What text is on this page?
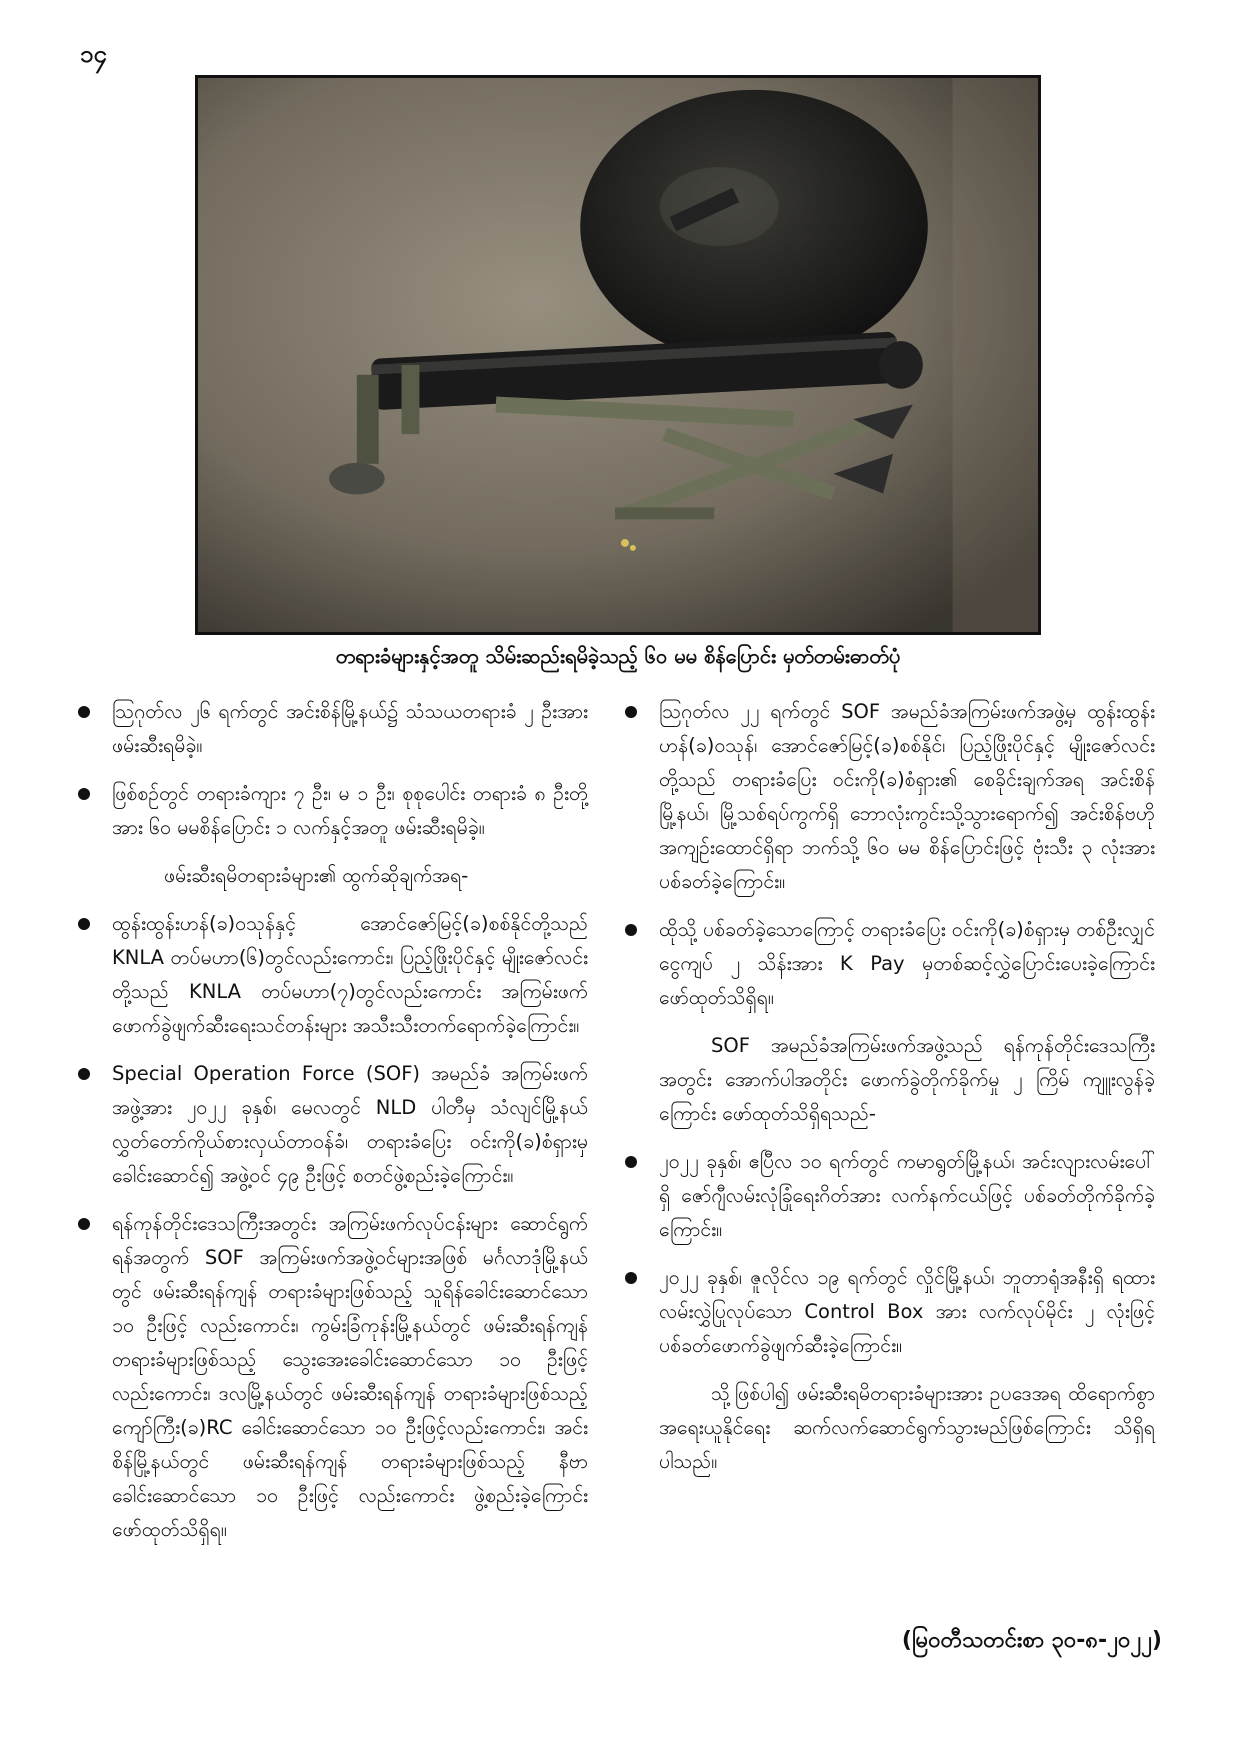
၁၄
တရားခံများနှင့်အတူ သိမ်းဆည်းရမိခဲ့သည့် ၆၀ မမ စိန်ပြောင်း မှတ်တမ်းဓာတ်ပုံ
ဩဂုတ်လ ၂၆ ရက်တွင် အင်းစိန်မြို့နယ်၌ သံသယတရားခံ ၂ ဦးအား ဖမ်းဆီးရမိခဲ့။
ဖြစ်စဉ်တွင် တရားခံကျား ၇ ဦး၊ မ ၁ ဦး၊ စုစုပေါင်း တရားခံ ၈ ဦးတို့အား ၆၀ မမစိန်ပြောင်း ၁ လက်နှင့်အတူ ဖမ်းဆီးရမိခဲ့။

ဖမ်းဆီးရမိတရားခံများ၏ ထွက်ဆိုချက်အရ-

ထွန်းထွန်းဟန်(ခ)ဝသုန်နှင့် အောင်ဇော်မြင့်(ခ)စစ်နိုင်တို့သည် KNLA တပ်မဟာ(၆)တွင်လည်းကောင်း၊ ပြည့်ဖြိုးပိုင်နှင့် မျိုးဇော်လင်းတို့သည် KNLA တပ်မဟာ(၇)တွင်လည်းကောင်း အကြမ်းဖက်ဖောက်ခွဲဖျက်ဆီးရေးသင်တန်းများ အသီးသီးတက်ရောက်ခဲ့ကြောင်း။
Special Operation Force (SOF) အမည်ခံ အကြမ်းဖက်အဖွဲ့အား ၂၀၂၂ ခုနှစ်၊ မေလတွင် NLD ပါတီမှ သံလျင်မြို့နယ် လွှတ်တော်ကိုယ်စားလှယ်တာဝန်ခံ၊ တရားခံပြေး ဝင်းကို(ခ)စံရှားမှ ခေါင်းဆောင်၍ အဖွဲ့ဝင် ၄၉ ဦးဖြင့် စတင်ဖွဲ့စည်းခဲ့ကြောင်း။
ရန်ကုန်တိုင်းဒေသကြီးအတွင်း အကြမ်းဖက်လုပ်ငန်းများ ဆောင်ရွက်ရန်အတွက် SOF အကြမ်းဖက်အဖွဲ့ဝင်များအဖြစ် မင်္ဂလာဒုံမြို့နယ်တွင် ဖမ်းဆီးရန်ကျန် တရားခံများဖြစ်သည့် သူရိန်ခေါင်းဆောင်သော ၁၀ ဦးဖြင့် လည်းကောင်း၊ ကွမ်းခြံကုန်းမြို့နယ်တွင် ဖမ်းဆီးရန်ကျန် တရားခံများဖြစ်သည့် သွေးအေးခေါင်းဆောင်သော ၁၀ ဦးဖြင့် လည်းကောင်း၊ ဒလမြို့နယ်တွင် ဖမ်းဆီးရန်ကျန် တရားခံများဖြစ်သည့် ကျော်ကြီး(ခ)RC ခေါင်းဆောင်သော ၁၀ ဦးဖြင့်လည်းကောင်း၊ အင်းစိန်မြို့နယ်တွင် ဖမ်းဆီးရန်ကျန် တရားခံများဖြစ်သည့် နီဗာခေါင်းဆောင်သော ၁၀ ဦးဖြင့် လည်းကောင်း ဖွဲ့စည်းခဲ့ကြောင်း ဖော်ထုတ်သိရှိရ။
ဩဂုတ်လ ၂၂ ရက်တွင် SOF အမည်ခံအကြမ်းဖက်အဖွဲ့မှ ထွန်းထွန်းဟန်(ခ)ဝသုန်၊ အောင်ဇော်မြင့်(ခ)စစ်နိုင်၊ ပြည့်ဖြိုးပိုင်နှင့် မျိုးဇော်လင်းတို့သည် တရားခံပြေး ဝင်းကို(ခ)စံရှား၏ စေခိုင်းချက်အရ အင်းစိန်မြို့နယ်၊ မြို့သစ်ရပ်ကွက်ရှိ ဘောလုံးကွင်းသို့သွားရောက်၍ အင်းစိန်ဗဟိုအကျဉ်းထောင်ရှိရာ ဘက်သို့ ၆၀ မမ စိန်ပြောင်းဖြင့် ဗုံးသီး ၃ လုံးအား ပစ်ခတ်ခဲ့ကြောင်း။
ထိုသို့ ပစ်ခတ်ခဲ့သောကြောင့် တရားခံပြေး ဝင်းကို(ခ)စံရှားမှ တစ်ဦးလျှင် ငွေကျပ် ၂ သိန်းအား K Pay မှတစ်ဆင့်လွှဲပြောင်းပေးခဲ့ကြောင်း ဖော်ထုတ်သိရှိရ။

SOF အမည်ခံအကြမ်းဖက်အဖွဲ့သည် ရန်ကုန်တိုင်းဒေသကြီးအတွင်း အောက်ပါအတိုင်း ဖောက်ခွဲတိုက်ခိုက်မှု ၂ ကြိမ် ကျူးလွန်ခဲ့ကြောင်း ဖော်ထုတ်သိရှိရသည်-

၂၀၂၂ ခုနှစ်၊ ဧပြီလ ၁၀ ရက်တွင် ကမာရွတ်မြို့နယ်၊ အင်းလျားလမ်းပေါ်ရှိ ဇော်ဂျီလမ်းလုံခြုံရေးဂိတ်အား လက်နက်ငယ်ဖြင့် ပစ်ခတ်တိုက်ခိုက်ခဲ့ကြောင်း။
၂၀၂၂ ခုနှစ်၊ ဇူလိုင်လ ၁၉ ရက်တွင် လှိုင်မြို့နယ်၊ ဘူတာရုံအနီးရှိ ရထားလမ်းလွှဲပြုလုပ်သော Control Box အား လက်လုပ်မိုင်း ၂ လုံးဖြင့် ပစ်ခတ်ဖောက်ခွဲဖျက်ဆီးခဲ့ကြောင်း။

သို့ဖြစ်ပါ၍ ဖမ်းဆီးရမိတရားခံများအား ဥပဒေအရ ထိရောက်စွာ အရေးယူနိုင်ရေး ဆက်လက်ဆောင်ရွက်သွားမည်ဖြစ်ကြောင်း သိရှိရပါသည်။

(မြဝတီသတင်းစာ ၃၀-၈-၂၀၂၂)
